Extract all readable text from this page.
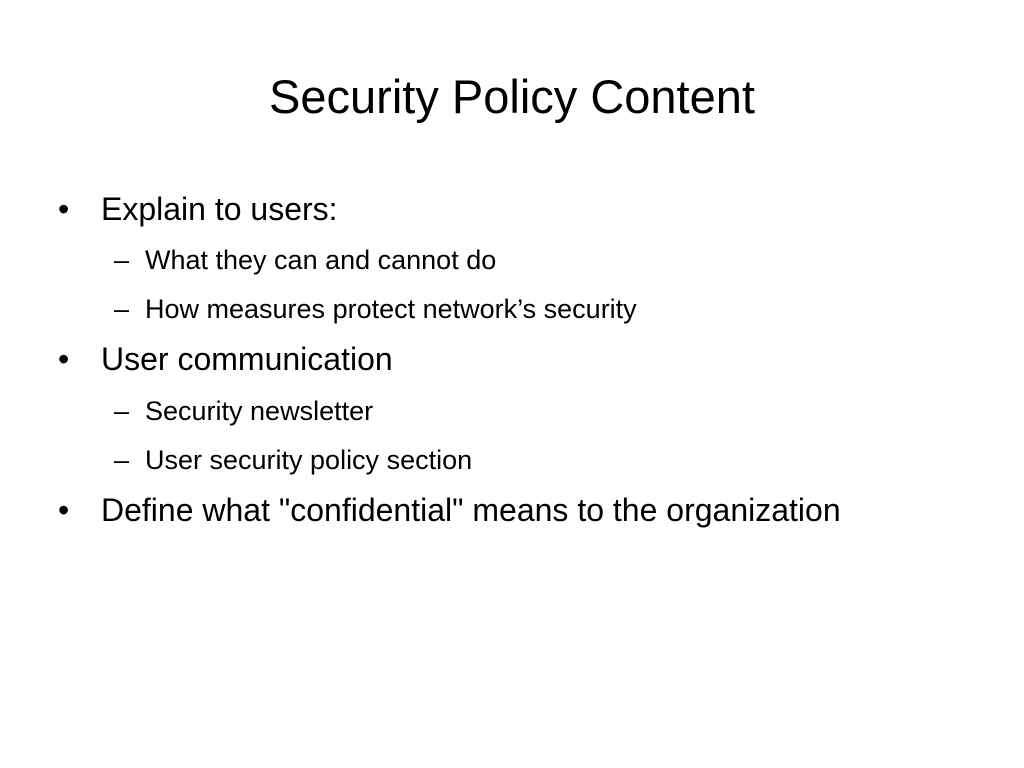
Security Policy Content
• Explain to users:
– What they can and cannot do
– How measures protect network’s security
• User communication
– Security newsletter
– User security policy section
• Define what "confidential" means to the organization
